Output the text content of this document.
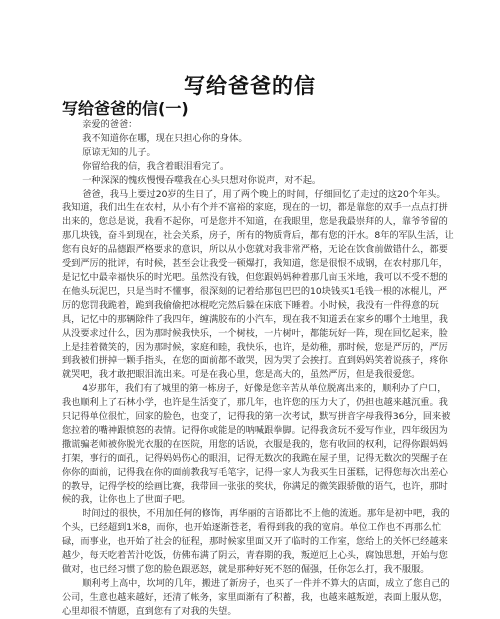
写给爸爸的信
写给爸爸的信(一)

亲爱的爸爸：

我不知道你在哪，现在只担心你的身体。

原谅无知的儿子。

你留给我的信，我含着眼泪看完了。

一种深深的愧疚慢慢吞噬我在心头只想对你说声，对不起。

爸爸，我马上要过20岁的生日了，用了两个晚上的时间，仔细回忆了走过的这20个年头。我知道，我们出生在农村，从小有个并不富裕的家庭，现在的一切，都是靠您的双手一点点打拼出来的，您总是说，我看不起你，可是您并不知道，在我眼里，您是我最崇拜的人，靠爷爷留的那几块钱，奋斗到现在，社会关系，房子，所有的物质背后，都有您的汗水。8年的军队生活，让您有良好的品德跟严格要求的意识，所以从小您就对我非常严格，无论在饮食前做错什么，都要受到严厉的批评，有时候，甚至会让我受一顿爆打，我知道，您是很恨不成钢，在农村那几年，是记忆中最幸福快乐的时光吧。虽然没有钱，但您跟妈妈种着那几亩玉米地，我可以不受不想的在他头玩泥巴，只是当时不懂事，很深刻的记着给那包巴巴的10块钱买1毛钱一根的冰棍儿，严厉的您罚我跪着，跪到我偷偷把冰棍吃完然后躲在床底下睡着。小时候，我没有一件得意的玩具，记忆中的那辆除件了我四年，缠满胶布的小汽车，现在我不知道丢在家乡的哪个土地里，我从没要求过什么，因为那时候我快乐，一个树枝，一片树叶，都能玩好一阵，现在回忆起来，脸上是挂着微笑的，因为那时候，家庭和睦，我快乐，也许，是幼稚，那时候，您是严厉的，严厉到我被们拼掉一颗手指头，在您的面前都不敢哭，因为哭了会挨打。直到妈妈笑着说孩子，疼你就哭吧，我才敢把眼泪流出来。可是在我心里，您是高大的，虽然严厉，但是我很爱您。

4岁那年，我们有了城里的第一栋房子，好像是您辛苦从单位脱离出来的，顺利办了户口，我也顺利上了石林小学，也许是生活变了，那几年，也许您的压力大了，仍担也越来越沉重。我只记得单位很忙，回家的脸色，也变了，记得我的第一次考试，默写拼音字母我得36分，回来被您拉着的嘴神跟愤怒的表情。记得你或能是的呐喊跟拳脚。记得我贪玩不爱写作业，四年级因为撒谎骗老师被你脱光衣服的在医院，用您的话说，衣服是我的，您有收回的权利，记得你跟妈妈打架，事行的面孔，记得妈妈伤心的眼泪，记得无数次的我跪在屋子里，记得无数次的哭醒子在你你的面前，记得我在你的面前教我写毛笔字，记得一家人为我买生日蛋糕，记得您每次出差心的教导，记得学校的绘画比赛，我带回一张张的奖状，你满足的微笑跟骄傲的语气，也许，那时候的我，让你也上了世面子吧。

时间过的很快，不用加任何的修饰，再华丽的言语都比不上他的流逝。那年是初中吧，我的个头，已经超到1米8，而你，也开始逐渐苍老，看得到我的我的宽肩。单位工作也不再那么忙碌，而事业，也开始了社会的征程，那时候家里面又开了临时的工作室，您给上的关怀已经越来越少，每天吃着苦汁吃饭，仿佛布满了阴云，青春期的我，叛逆厄上心头，腐蚀思想，开始与您做对，也已经习惯了您的脸色跟恶怒，就是那种好死不怒的倔强，任你怎么打，我不服服。

顺利考上高中，坎坷的几年，搬进了新房子，也买了一件并不算大的店面，成立了您自己的公司，生意也越来越好，还清了帐务，家里面渐有了积蓄，我，也越来越叛逆，表面上服从您，心里却很不情愿，直到您有了对我的失望。
